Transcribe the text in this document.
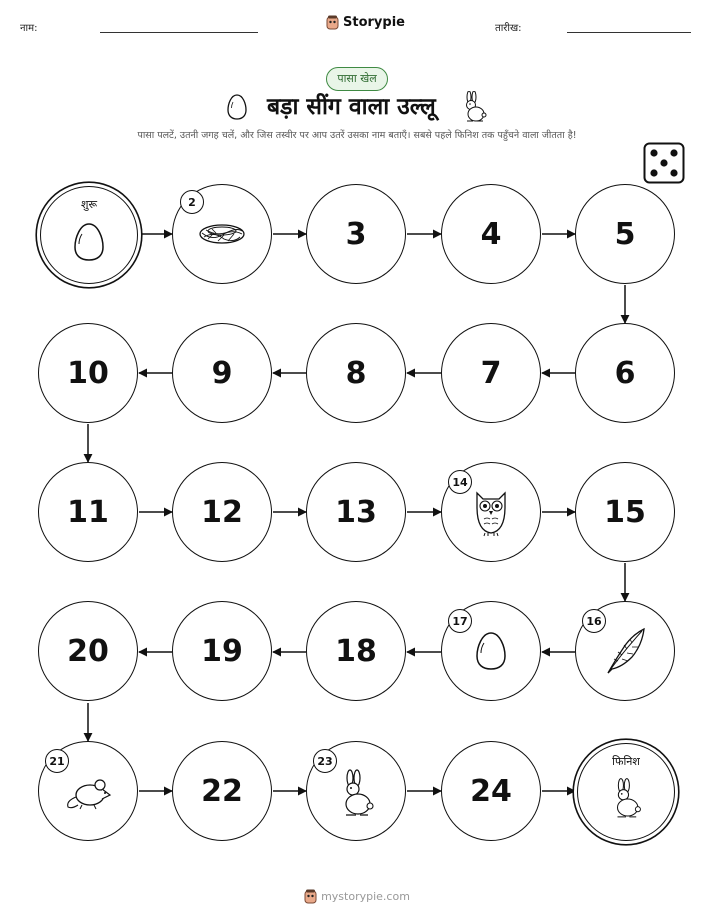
नाम:	Storypie	तारीख:
पासा खेल
बड़ा सींग वाला उल्लू
पासा पलटें, उतनी जगह चलें, और जिस तस्वीर पर आप उतरें उसका नाम बताएँ। सबसे पहले फिनिश तक पहुँचने वाला जीतता है!
शुरू	2
3	4	5
6
7
8
9
10
11	12	13
14
15
16
17
18
19
20
21
22
23
24
फिनिश
mystorypie.com
